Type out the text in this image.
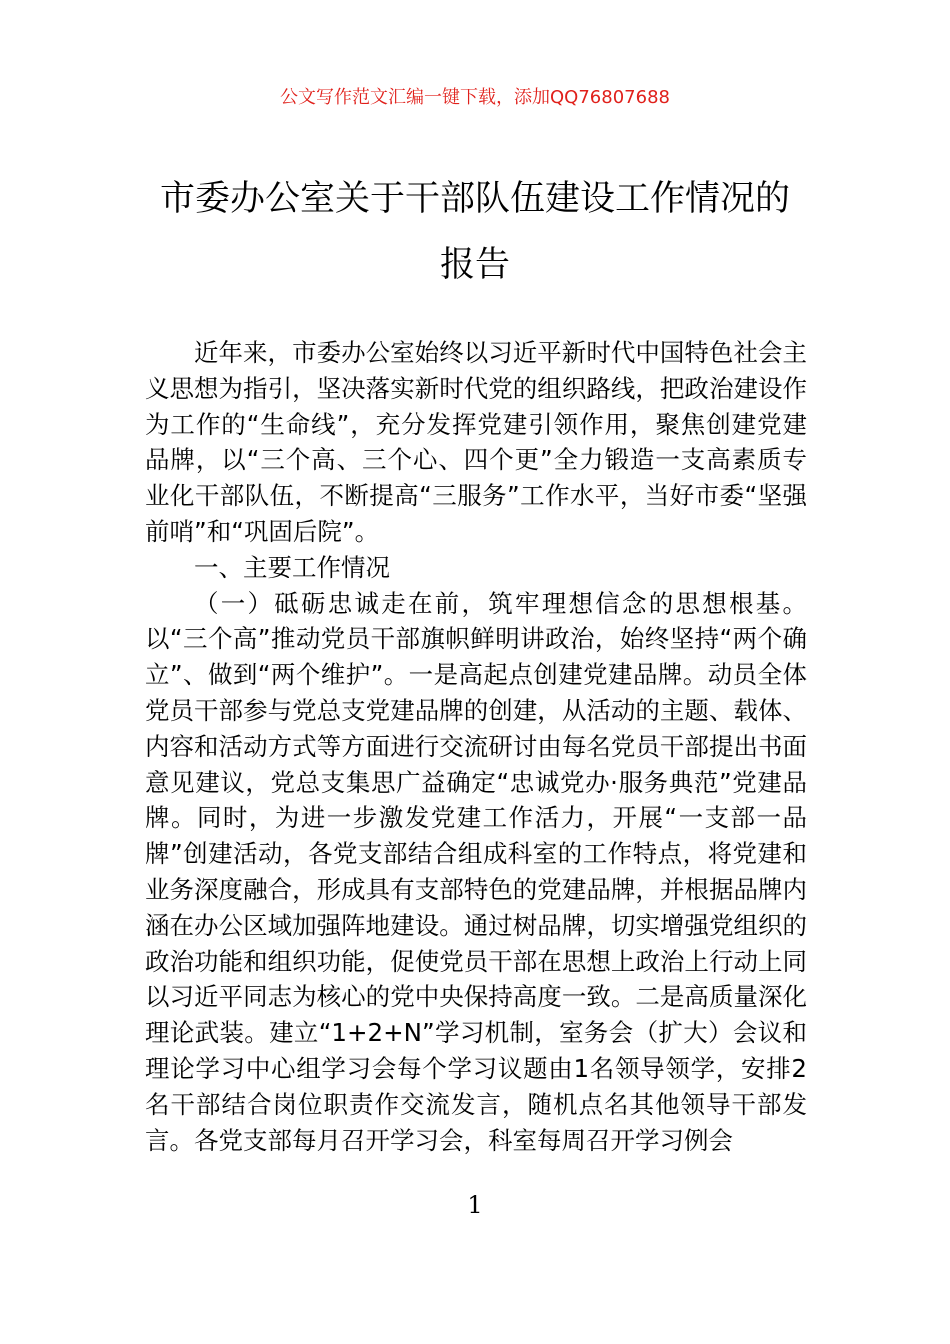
公文写作范文汇编一键下载，添加QQ76807688
市委办公室关于干部队伍建设工作情况的报告

近年来，市委办公室始终以习近平新时代中国特色社会主义思想为指引，坚决落实新时代党的组织路线，把政治建设作为工作的“生命线”，充分发挥党建引领作用，聚焦创建党建品牌，以“三个高、三个心、四个更”全力锻造一支高素质专业化干部队伍，不断提高“三服务”工作水平，当好市委“坚强前哨”和“巩固后院”。

一、主要工作情况

（一）砥砺忠诚走在前，筑牢理想信念的思想根基。以“三个高”推动党员干部旗帜鲜明讲政治，始终坚持“两个确立”、做到“两个维护”。一是高起点创建党建品牌。动员全体党员干部参与党总支党建品牌的创建，从活动的主题、载体、内容和活动方式等方面进行交流研讨由每名党员干部提出书面意见建议，党总支集思广益确定“忠诚党办·服务典范”党建品牌。同时，为进一步激发党建工作活力，开展“一支部一品牌”创建活动，各党支部结合组成科室的工作特点，将党建和业务深度融合，形成具有支部特色的党建品牌，并根据品牌内涵在办公区域加强阵地建设。通过树品牌，切实增强党组织的政治功能和组织功能，促使党员干部在思想上政治上行动上同以习近平同志为核心的党中央保持高度一致。二是高质量深化理论武装。建立“1+2+N”学习机制，室务会（扩大）会议和理论学习中心组学习会每个学习议题由1名领导领学，安排2名干部结合岗位职责作交流发言，随机点名其他领导干部发言。各党支部每月召开学习会，科室每周召开学习例会

1
